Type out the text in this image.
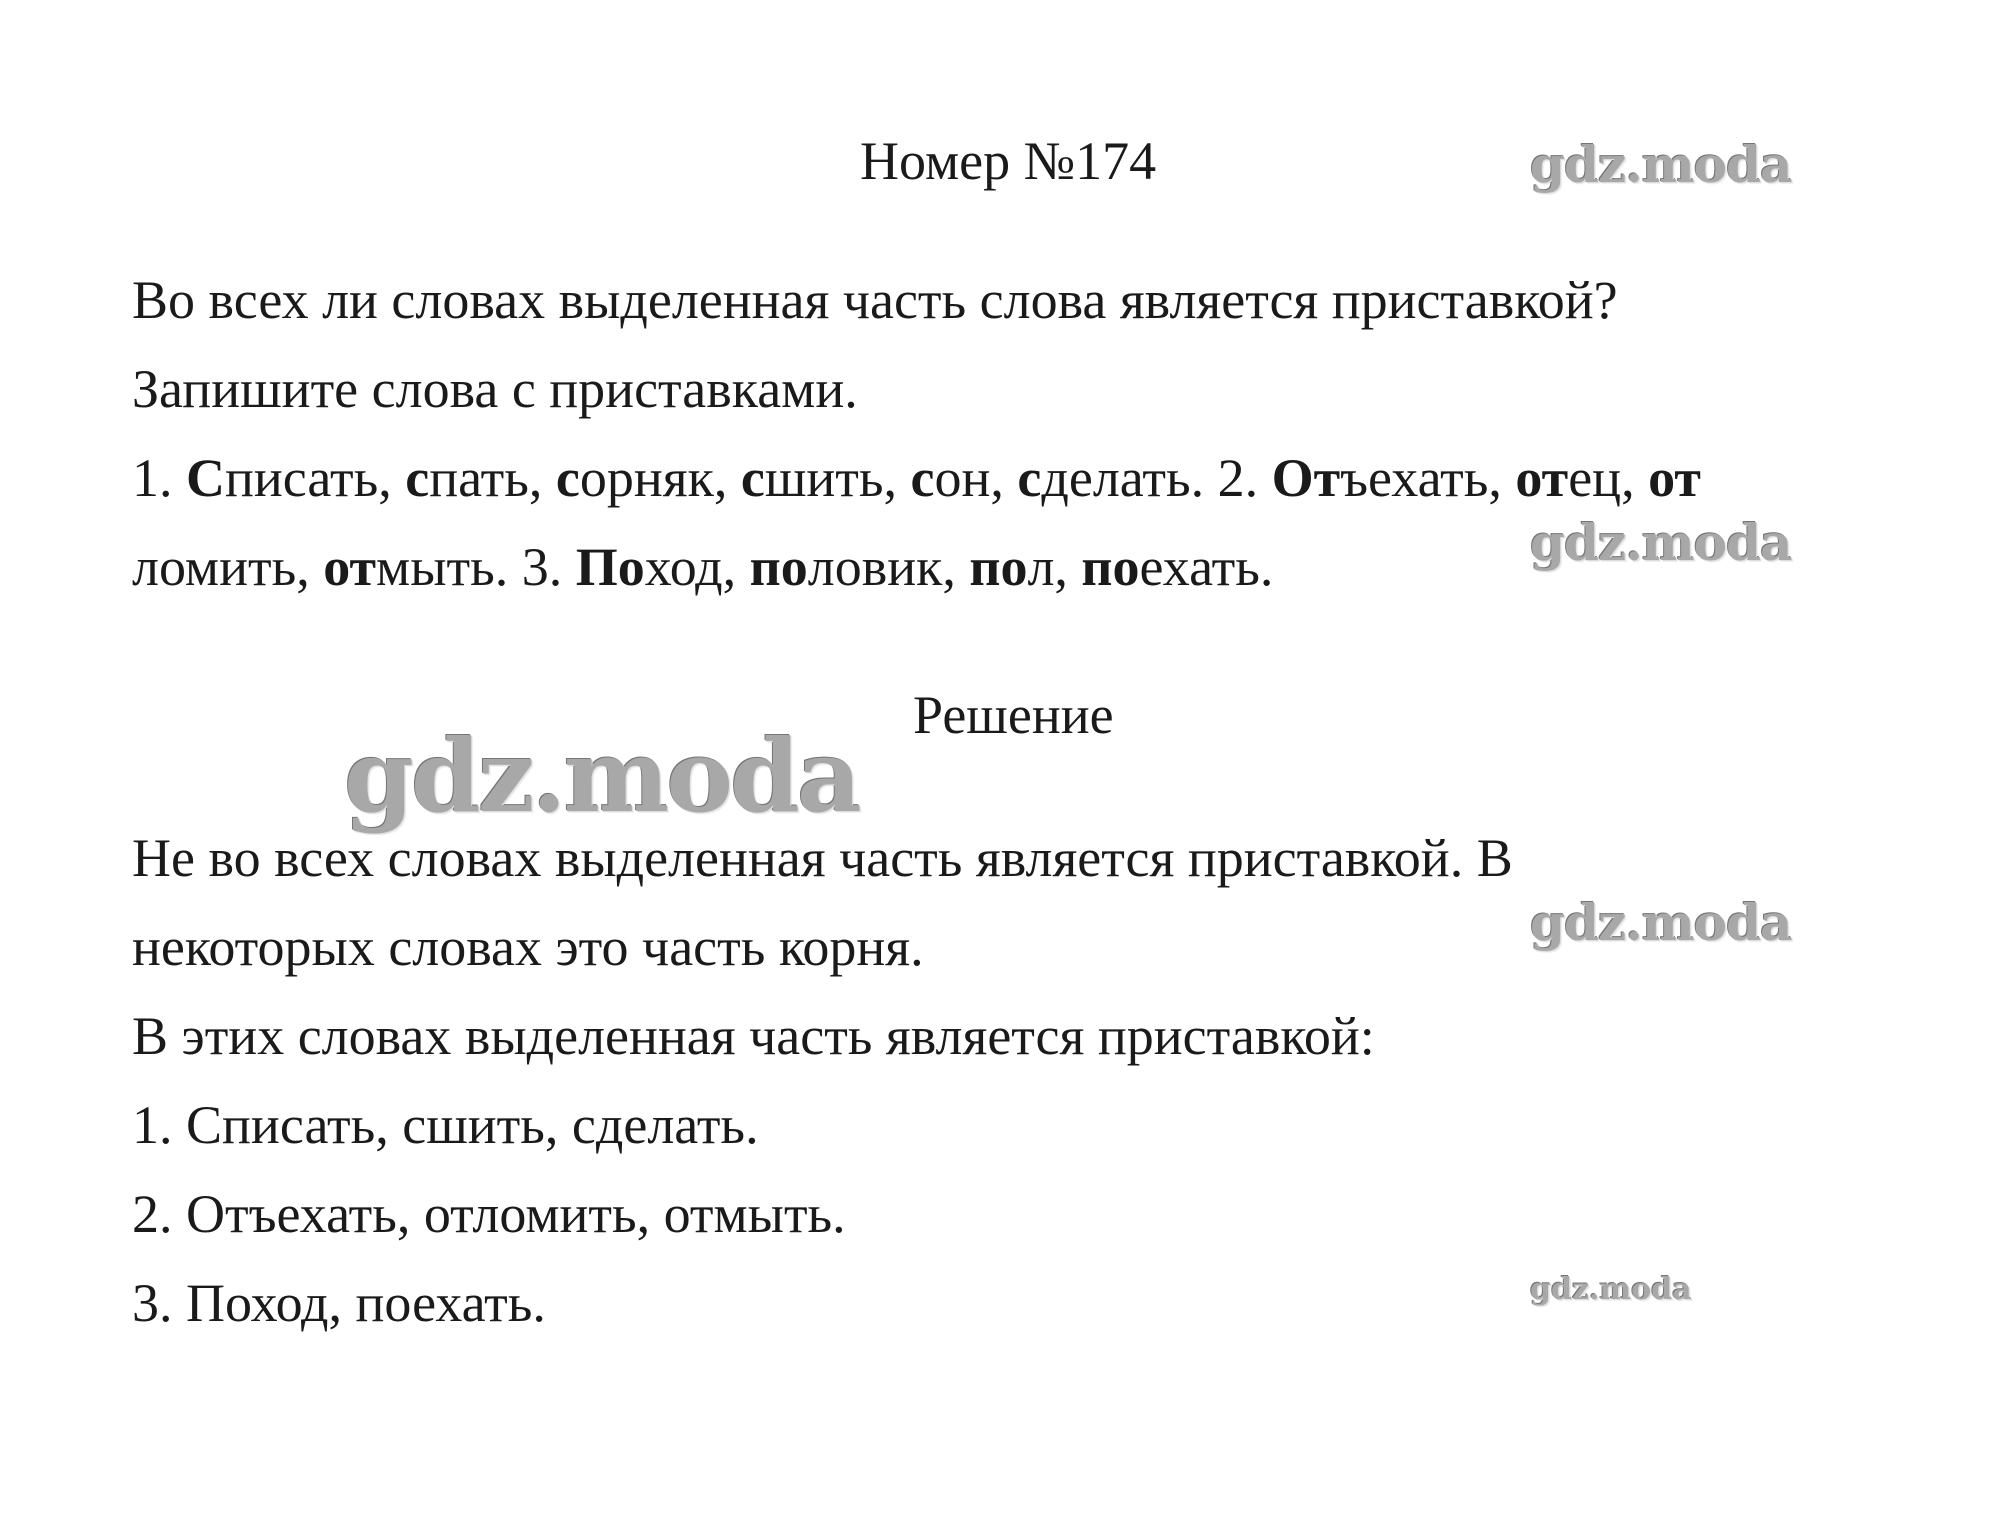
Номер №174
Во всех ли словах выделенная часть слова является приставкой?
Запишите слова с приставками.
1. Списать, спать, сорняк, сшить, сон, сделать. 2. Отъехать, отец, от
ломить, отмыть. 3. Поход, половик, пол, поехать.
Решение
Не во всех словах выделенная часть является приставкой. В
некоторых словах это часть корня.
В этих словах выделенная часть является приставкой:
1. Списать, сшить, сделать.
2. Отъехать, отломить, отмыть.
3. Поход, поехать.
gdz.moda
gdz.moda
gdz.moda
gdz.moda
gdz.moda
